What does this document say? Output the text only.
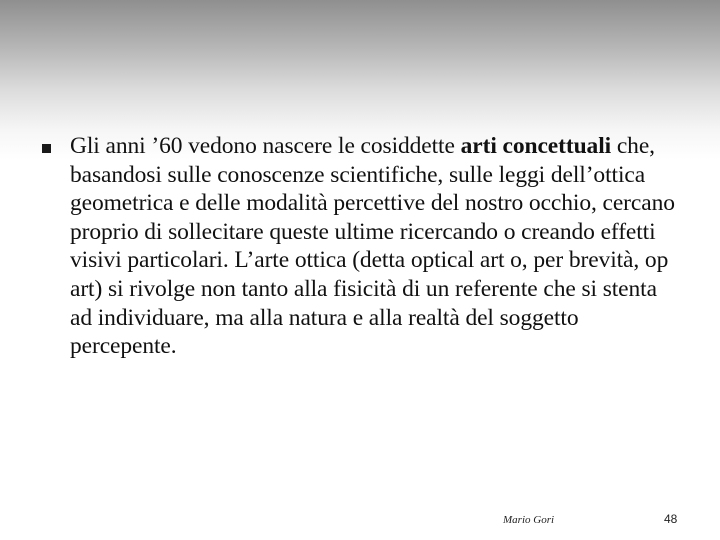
Gli anni ’60 vedono nascere le cosiddette arti concettuali che, basandosi sulle conoscenze scientifiche, sulle leggi dell’ottica geometrica e delle modalità percettive del nostro occhio, cercano proprio di sollecitare queste ultime ricercando o creando effetti visivi particolari. L’arte ottica (detta optical art o, per brevità, op art) si rivolge non tanto alla fisicità di un referente che si stenta ad individuare, ma alla natura e alla realtà del soggetto percepente.
Mario Gori	48
